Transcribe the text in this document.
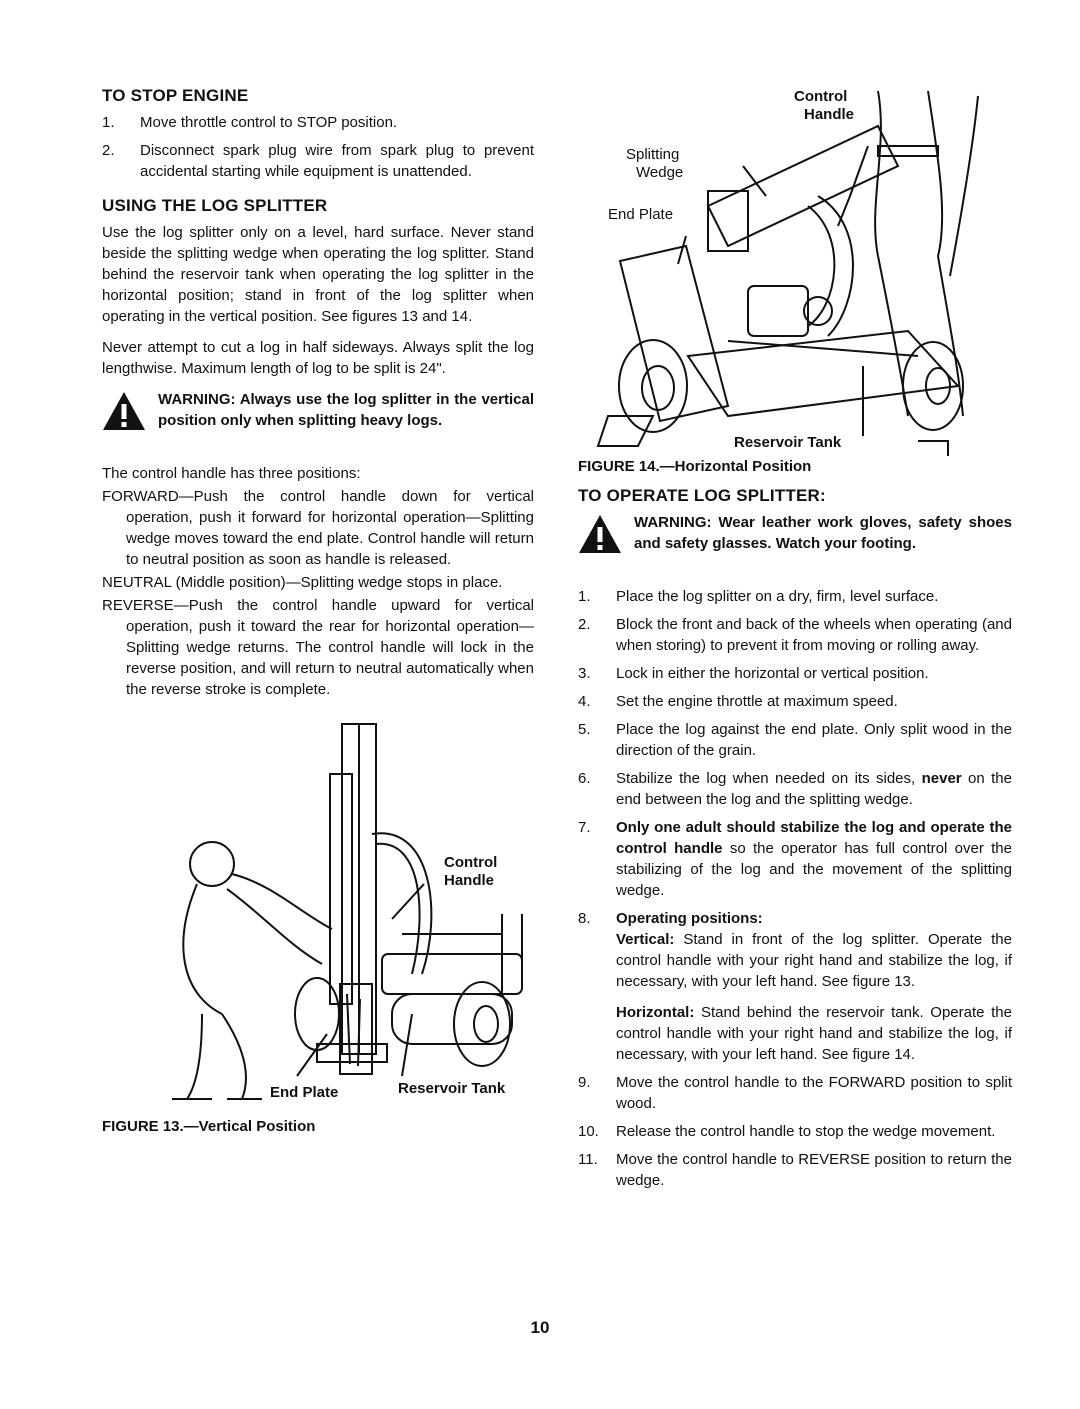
TO STOP ENGINE
1.	Move throttle control to STOP position.
2.	Disconnect spark plug wire from spark plug to prevent accidental starting while equipment is unattended.
USING THE LOG SPLITTER

Use the log splitter only on a level, hard surface. Never stand beside the splitting wedge when operating the log splitter. Stand behind the reservoir tank when operating the log splitter in the horizontal position; stand in front of the log splitter when operating in the vertical position. See figures 13 and 14.

Never attempt to cut a log in half sideways. Always split the log lengthwise. Maximum length of log to be split is 24".

WARNING: Always use the log splitter in the vertical position only when splitting heavy logs.

The control handle has three positions:

FORWARD—Push the control handle down for vertical operation, push it forward for horizontal operation—Splitting wedge moves toward the end plate. Control handle will return to neutral position as soon as handle is released.

NEUTRAL (Middle position)—Splitting wedge stops in place.

REVERSE—Push the control handle upward for vertical operation, push it toward the rear for horizontal operation—Splitting wedge returns. The control handle will lock in the reverse position, and will return to neutral automatically when the reverse stroke is complete.

Control
Handle
End Plate	Reservoir Tank
FIGURE 13.—Vertical Position
Control
Handle
Splitting
Wedge
End Plate
Reservoir Tank
FIGURE 14.—Horizontal Position
TO OPERATE LOG SPLITTER:
WARNING: Wear leather work gloves, safety shoes and safety glasses. Watch your footing.
1.	Place the log splitter on a dry, firm, level surface.
2.	Block the front and back of the wheels when operating (and when storing) to prevent it from moving or rolling away.
3.	Lock in either the horizontal or vertical position.
4.	Set the engine throttle at maximum speed.
5.	Place the log against the end plate. Only split wood in the direction of the grain.
6.	Stabilize the log when needed on its sides, never on the end between the log and the splitting wedge.
7.	Only one adult should stabilize the log and operate the control handle so the operator has full control over the stabilizing of the log and the movement of the splitting wedge.
8.	Operating positions:
Vertical: Stand in front of the log splitter. Operate the control handle with your right hand and stabilize the log, if necessary, with your left hand. See figure 13.
Horizontal: Stand behind the reservoir tank. Operate the control handle with your right hand and stabilize the log, if necessary, with your left hand. See figure 14.
9.	Move the control handle to the FORWARD position to split wood.
10.	Release the control handle to stop the wedge movement.
11.	Move the control handle to REVERSE position to return the wedge.
10
